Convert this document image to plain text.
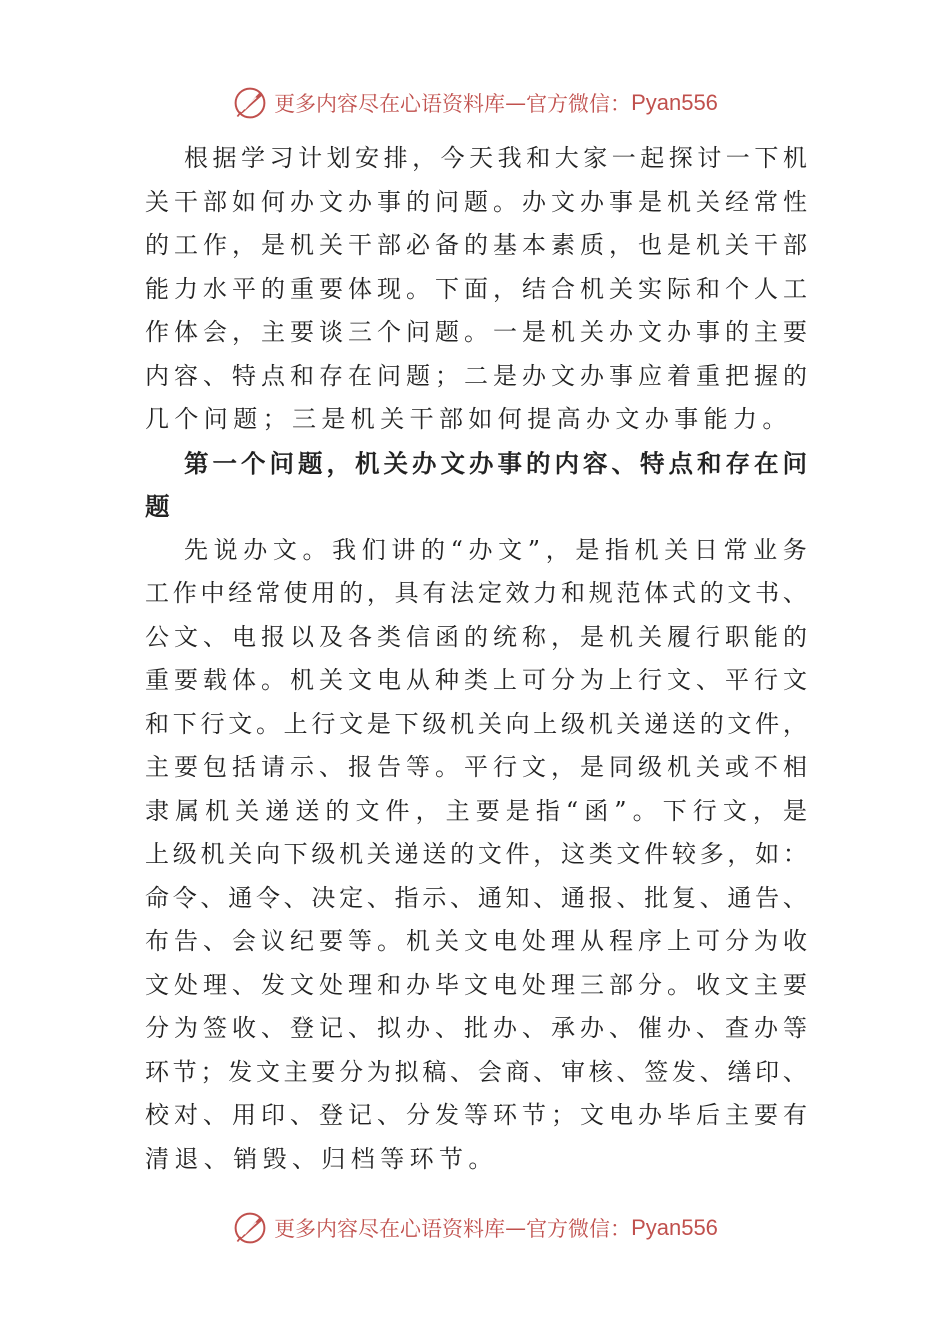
更多内容尽在心语资料库 — 官方微信： Pyan556
根 据 学 习 计 划 安 排 ， 今 天 我 和 大 家 一 起 探 讨 一 下 机
关 干 部 如 何 办 文 办 事 的 问 题 。 办 文 办 事 是 机 关 经 常 性
的 工 作 ， 是 机 关 干 部 必 备 的 基 本 素 质 ， 也 是 机 关 干 部
能 力 水 平 的 重 要 体 现 。 下 面 ， 结 合 机 关 实 际 和 个 人 工
作 体 会 ， 主 要 谈 三 个 问 题 。 一 是 机 关 办 文 办 事 的 主 要
内 容 、 特 点 和 存 在 问 题 ； 二 是 办 文 办 事 应 着 重 把 握 的
几个问题；三是机关干部如何提高办文办事能力。
第 一 个 问 题 ， 机 关 办 文 办 事 的 内 容 、 特 点 和 存 在 问
题
先 说 办 文 。 我 们 讲 的 “ 办 文 ” ， 是 指 机 关 日 常 业 务
工 作 中 经 常 使 用 的 ， 具 有 法 定 效 力 和 规 范 体 式 的 文 书 、
公 文 、 电 报 以 及 各 类 信 函 的 统 称 ， 是 机 关 履 行 职 能 的
重 要 载 体 。 机 关 文 电 从 种 类 上 可 分 为 上 行 文 、 平 行 文
和 下 行 文 。 上 行 文 是 下 级 机 关 向 上 级 机 关 递 送 的 文 件 ，
主 要 包 括 请 示 、 报 告 等 。 平 行 文 ， 是 同 级 机 关 或 不 相
隶 属 机 关 递 送 的 文 件 ， 主 要 是 指 “ 函 ” 。 下 行 文 ， 是
上 级 机 关 向 下 级 机 关 递 送 的 文 件 ， 这 类 文 件 较 多 ， 如 ：
命 令 、 通 令 、 决 定 、 指 示 、 通 知 、 通 报 、 批 复 、 通 告 、
布 告 、 会 议 纪 要 等 。 机 关 文 电 处 理 从 程 序 上 可 分 为 收
文 处 理 、 发 文 处 理 和 办 毕 文 电 处 理 三 部 分 。 收 文 主 要
分 为 签 收 、 登 记 、 拟 办 、 批 办 、 承 办 、 催 办 、 查 办 等
环 节 ； 发 文 主 要 分 为 拟 稿 、 会 商 、 审 核 、 签 发 、 缮 印 、
校 对 、 用 印 、 登 记 、 分 发 等 环 节 ； 文 电 办 毕 后 主 要 有
清退、销毁、归档等环节。
更多内容尽在心语资料库 — 官方微信： Pyan556
